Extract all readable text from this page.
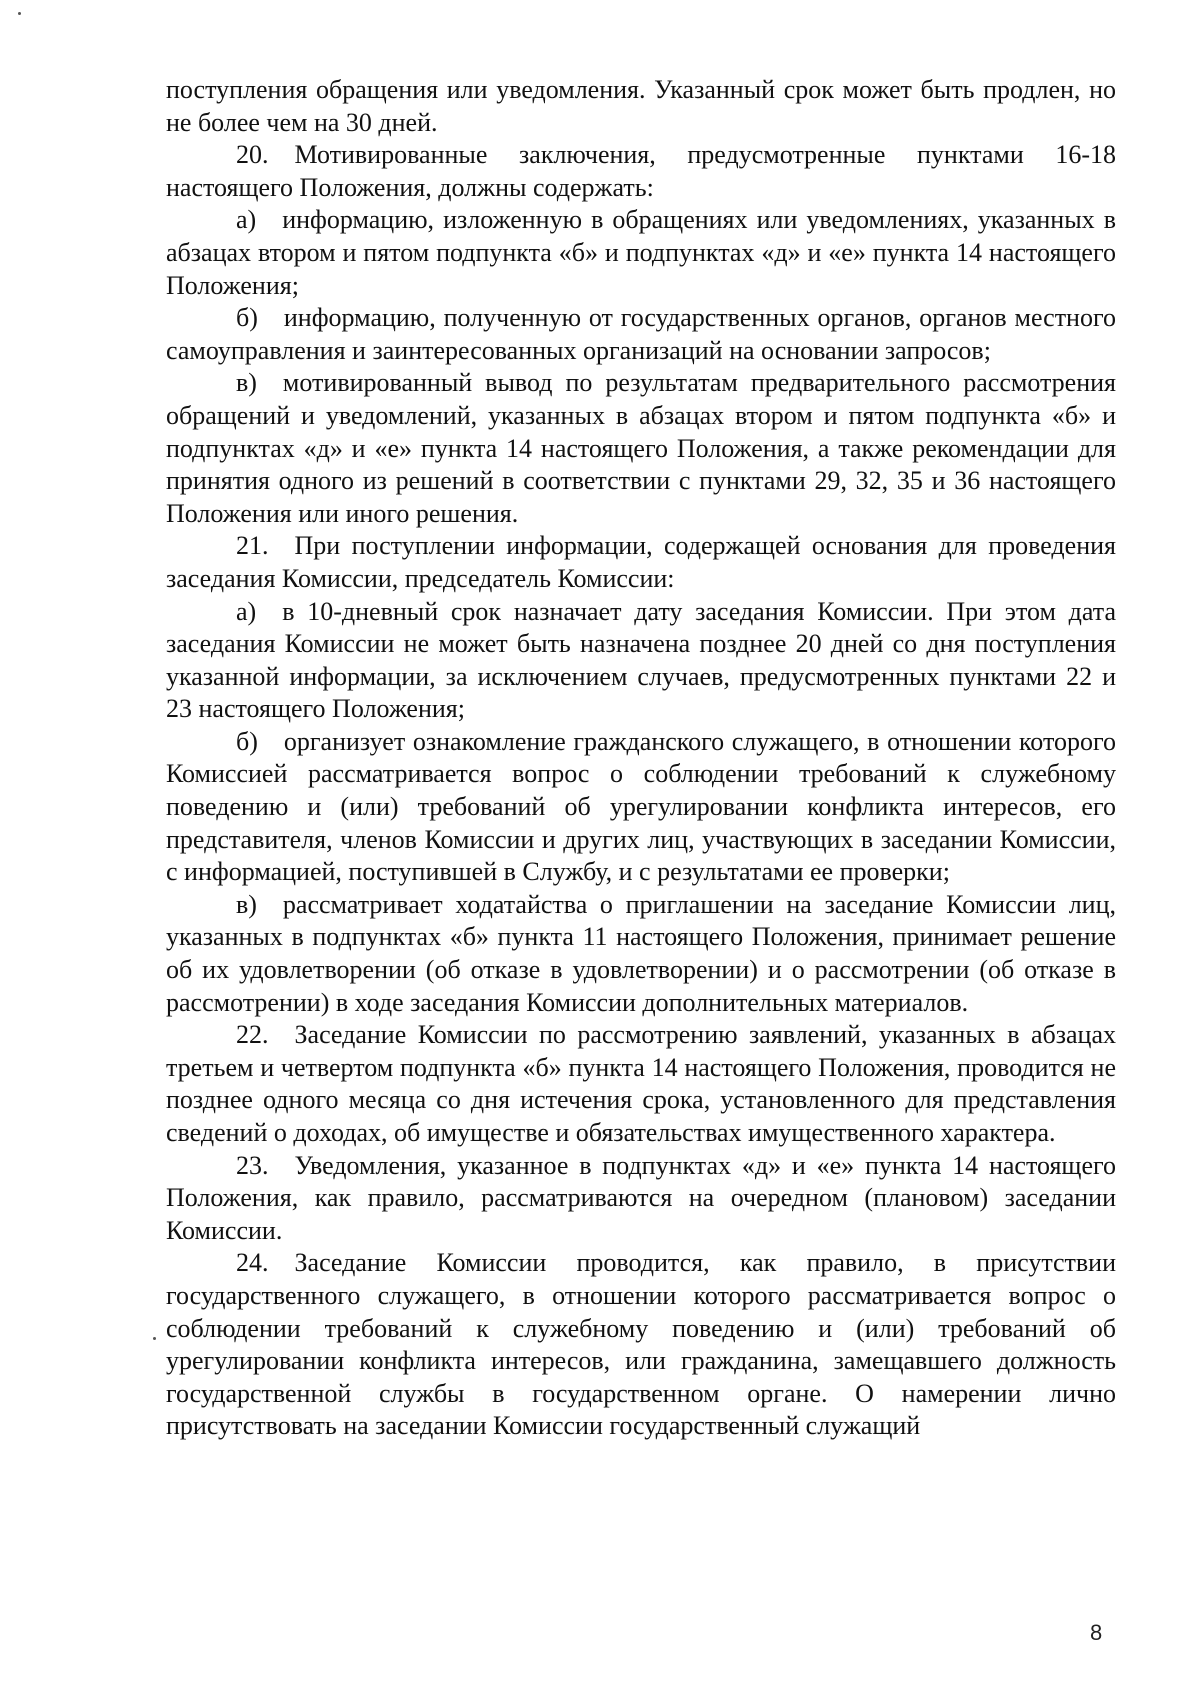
поступления обращения или уведомления. Указанный срок может быть продлен, но не более чем на 30 дней.

20. Мотивированные заключения, предусмотренные пунктами 16-18 настоящего Положения, должны содержать:

а) информацию, изложенную в обращениях или уведомлениях, указанных в абзацах втором и пятом подпункта «б» и подпунктах «д» и «е» пункта 14 настоящего Положения;

б) информацию, полученную от государственных органов, органов местного самоуправления и заинтересованных организаций на основании запросов;

в) мотивированный вывод по результатам предварительного рассмотрения обращений и уведомлений, указанных в абзацах втором и пятом подпункта «б» и подпунктах «д» и «е» пункта 14 настоящего Положения, а также рекомендации для принятия одного из решений в соответствии с пунктами 29, 32, 35 и 36 настоящего Положения или иного решения.

21. При поступлении информации, содержащей основания для проведения заседания Комиссии, председатель Комиссии:

а) в 10-дневный срок назначает дату заседания Комиссии. При этом дата заседания Комиссии не может быть назначена позднее 20 дней со дня поступления указанной информации, за исключением случаев, предусмотренных пунктами 22 и 23 настоящего Положения;

б) организует ознакомление гражданского служащего, в отношении которого Комиссией рассматривается вопрос о соблюдении требований к служебному поведению и (или) требований об урегулировании конфликта интересов, его представителя, членов Комиссии и других лиц, участвующих в заседании Комиссии, с информацией, поступившей в Службу, и с результатами ее проверки;

в) рассматривает ходатайства о приглашении на заседание Комиссии лиц, указанных в подпунктах «б» пункта 11 настоящего Положения, принимает решение об их удовлетворении (об отказе в удовлетворении) и о рассмотрении (об отказе в рассмотрении) в ходе заседания Комиссии дополнительных материалов.

22. Заседание Комиссии по рассмотрению заявлений, указанных в абзацах третьем и четвертом подпункта «б» пункта 14 настоящего Положения, проводится не позднее одного месяца со дня истечения срока, установленного для представления сведений о доходах, об имуществе и обязательствах имущественного характера.

23. Уведомления, указанное в подпунктах «д» и «е» пункта 14 настоящего Положения, как правило, рассматриваются на очередном (плановом) заседании Комиссии.

24. Заседание Комиссии проводится, как правило, в присутствии государственного служащего, в отношении которого рассматривается вопрос о соблюдении требований к служебному поведению и (или) требований об урегулировании конфликта интересов, или гражданина, замещавшего должность государственной службы в государственном органе. О намерении лично присутствовать на заседании Комиссии государственный служащий

8
